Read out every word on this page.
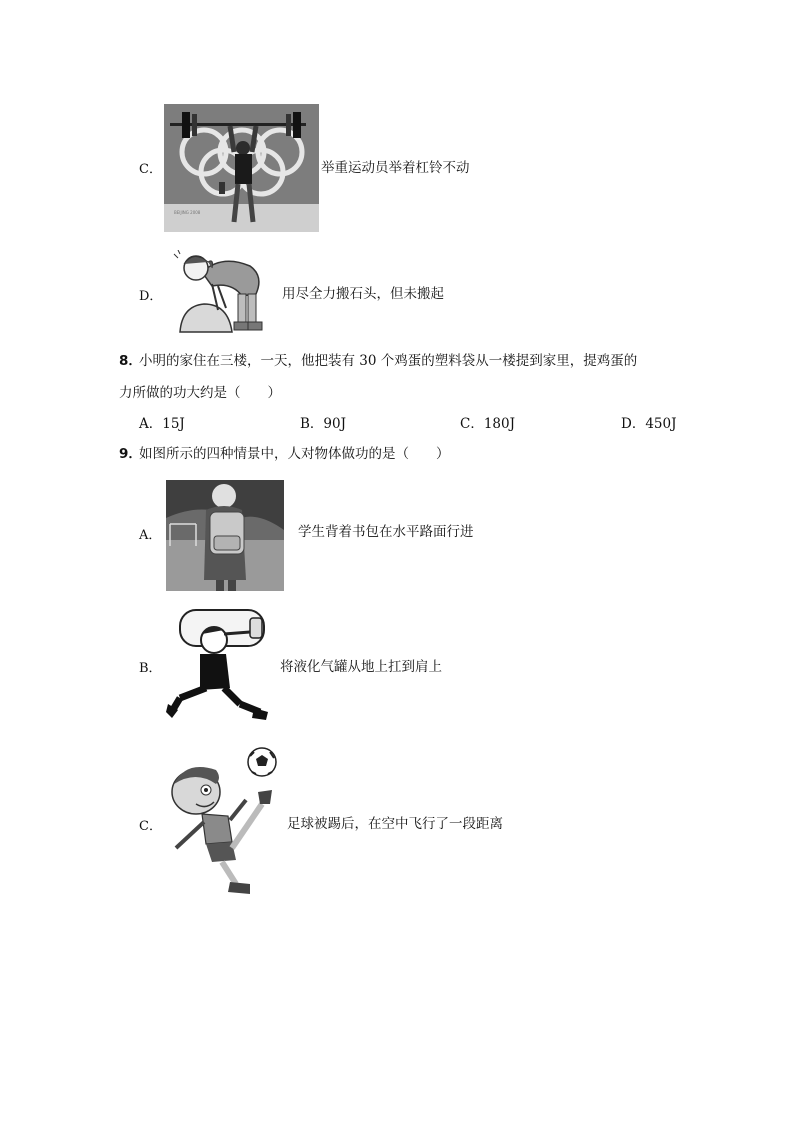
C．
BEIJING 2008
举重运动员举着杠铃不动
D．	用尽全力搬石头，但未搬起
8．
小明的家住在三楼，一天，他把装有 30 个鸡蛋的塑料袋从一楼提到家里，提鸡蛋的
力所做的功大约是（　　）
A．15J	B．90J	C．180J	D．450J
9．
如图所示的四种情景中，人对物体做功的是（　　）
A．	学生背着书包在水平路面行进
B．	将液化气罐从地上扛到肩上
C．	足球被踢后，在空中飞行了一段距离
